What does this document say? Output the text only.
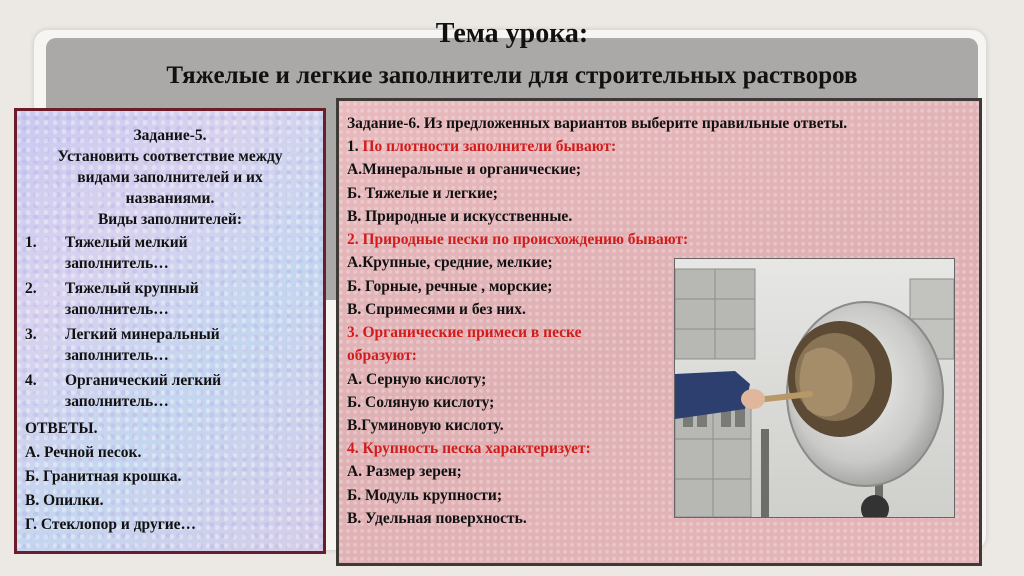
Тема урока:
Тяжелые и легкие заполнители для строительных растворов
Задание-5.
Установить соответствие между
видами заполнителей и их
названиями.
Виды заполнителей:
1.	Тяжелый мелкий
заполнитель…
2.	Тяжелый крупный
заполнитель…
3.	Легкий минеральный
заполнитель…
4.	Органический легкий
заполнитель…
ОТВЕТЫ.
А. Речной песок.
Б. Гранитная крошка.
В. Опилки.
Г. Стеклопор и другие…
Задание-6. Из предложенных вариантов выберите правильные ответы.
1. По плотности заполнители бывают:
А.Минеральные и органические;
Б. Тяжелые и легкие;
В. Природные и искусственные.
2. Природные пески по происхождению бывают:
А.Крупные, средние, мелкие;
Б. Горные, речные , морские;
В. Спримесями и без них.
3. Органические примеси в песке
образуют:
А. Серную кислоту;
Б. Соляную кислоту;
В.Гуминовую кислоту.
4. Крупность песка характеризует:
А. Размер зерен;
Б. Модуль крупности;
В. Удельная поверхность.
